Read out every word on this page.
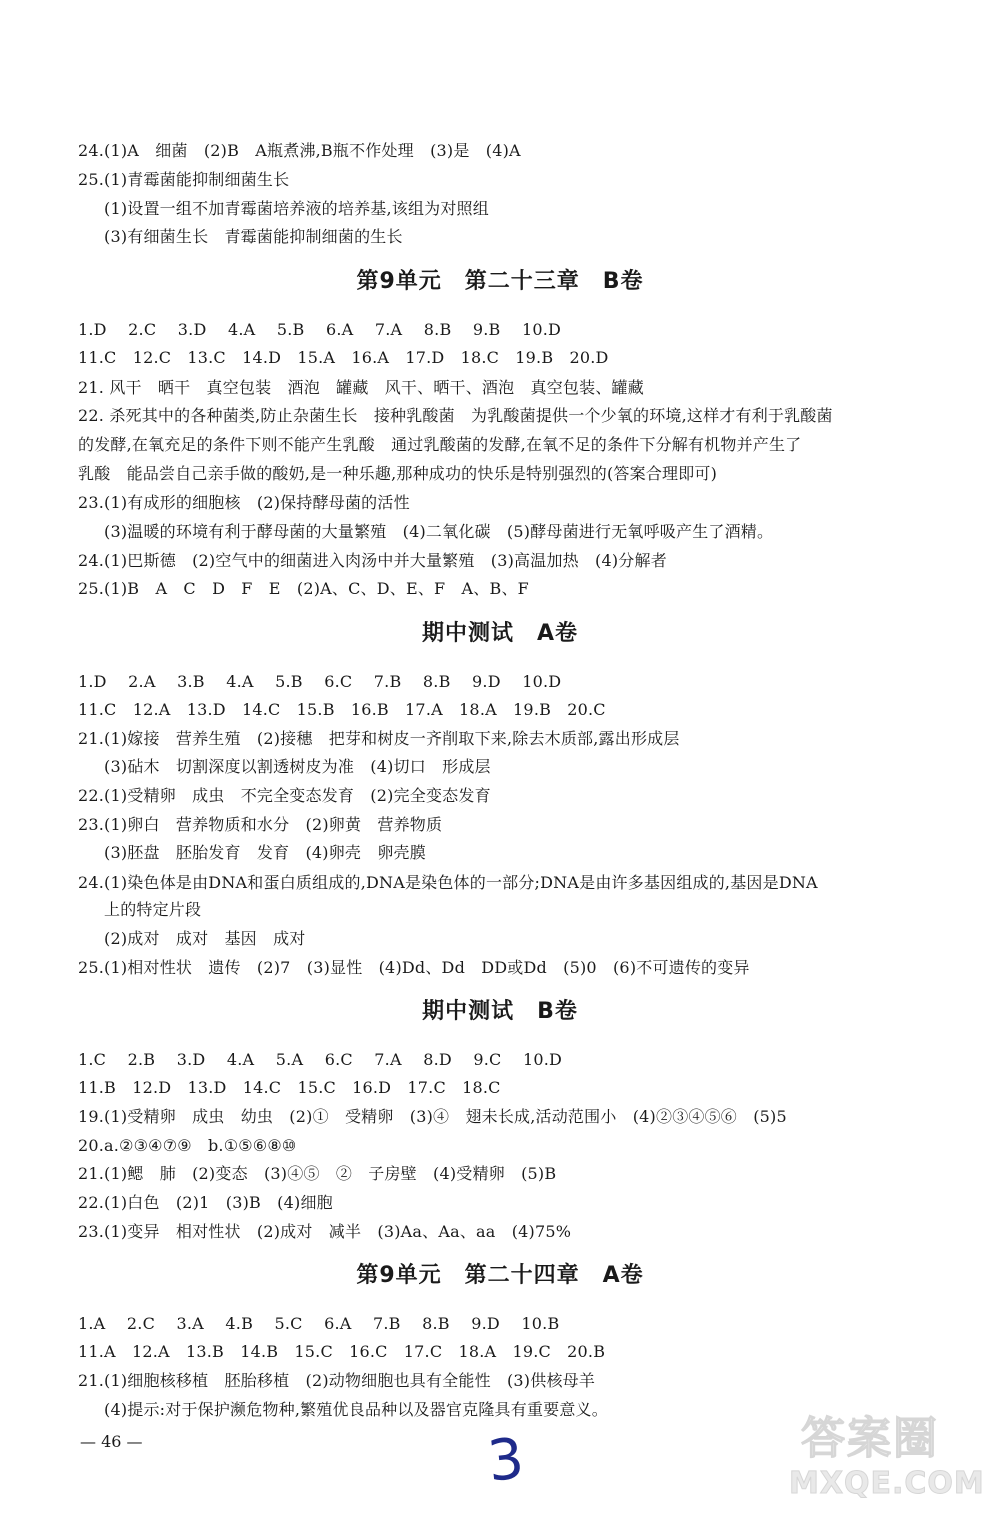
24.(1)A　细菌　(2)B　A瓶煮沸,B瓶不作处理　(3)是　(4)A
25.(1)青霉菌能抑制细菌生长
(1)设置一组不加青霉菌培养液的培养基,该组为对照组
(3)有细菌生长　青霉菌能抑制细菌的生长
第9单元　第二十三章　B卷
1.D　 2.C　 3.D　 4.A　 5.B　 6.A　 7.A　 8.B　 9.B　 10.D
11.C　12.C　13.C　14.D　15.A　16.A　17.D　18.C　19.B　20.D
21. 风干　晒干　真空包装　酒泡　罐藏　风干、晒干、酒泡　真空包装、罐藏
22. 杀死其中的各种菌类,防止杂菌生长　接种乳酸菌　为乳酸菌提供一个少氧的环境,这样才有利于乳酸菌
的发酵,在氧充足的条件下则不能产生乳酸　通过乳酸菌的发酵,在氧不足的条件下分解有机物并产生了
乳酸　能品尝自己亲手做的酸奶,是一种乐趣,那种成功的快乐是特别强烈的(答案合理即可)
23.(1)有成形的细胞核　(2)保持酵母菌的活性
(3)温暖的环境有利于酵母菌的大量繁殖　(4)二氧化碳　(5)酵母菌进行无氧呼吸产生了酒精。
24.(1)巴斯德　(2)空气中的细菌进入肉汤中并大量繁殖　(3)高温加热　(4)分解者
25.(1)B　A　C　D　F　E　(2)A、C、D、E、F　A、B、F
期中测试　A卷
1.D　 2.A　 3.B　 4.A　 5.B　 6.C　 7.B　 8.B　 9.D　 10.D
11.C　12.A　13.D　14.C　15.B　16.B　17.A　18.A　19.B　20.C
21.(1)嫁接　营养生殖　(2)接穗　把芽和树皮一齐削取下来,除去木质部,露出形成层
(3)砧木　切割深度以割透树皮为准　(4)切口　形成层
22.(1)受精卵　成虫　不完全变态发育　(2)完全变态发育
23.(1)卵白　营养物质和水分　(2)卵黄　营养物质
(3)胚盘　胚胎发育　发育　(4)卵壳　卵壳膜
24.(1)染色体是由DNA和蛋白质组成的,DNA是染色体的一部分;DNA是由许多基因组成的,基因是DNA
上的特定片段
(2)成对　成对　基因　成对
25.(1)相对性状　遗传　(2)7　(3)显性　(4)Dd、Dd　DD或Dd　(5)0　(6)不可遗传的变异
期中测试　B卷
1.C　 2.B　 3.D　 4.A　 5.A　 6.C　 7.A　 8.D　 9.C　 10.D
11.B　12.D　13.D　14.C　15.C　16.D　17.C　18.C
19.(1)受精卵　成虫　幼虫　(2)①　受精卵　(3)④　翅未长成,活动范围小　(4)②③④⑤⑥　(5)5
20.a.②③④⑦⑨　b.①⑤⑥⑧⑩
21.(1)鳃　肺　(2)变态　(3)④⑤　②　子房壁　(4)受精卵　(5)B
22.(1)白色　(2)1　(3)B　(4)细胞
23.(1)变异　相对性状　(2)成对　减半　(3)Aa、Aa、aa　(4)75%
第9单元　第二十四章　A卷
1.A　 2.C　 3.A　 4.B　 5.C　 6.A　 7.B　 8.B　 9.D　 10.B
11.A　12.A　13.B　14.B　15.C　16.C　17.C　18.A　19.C　20.B
21.(1)细胞核移植　胚胎移植　(2)动物细胞也具有全能性　(3)供核母羊
(4)提示:对于保护濒危物种,繁殖优良品种以及器官克隆具有重要意义。
— 46 —	3	答案圈
MXQE.COM
